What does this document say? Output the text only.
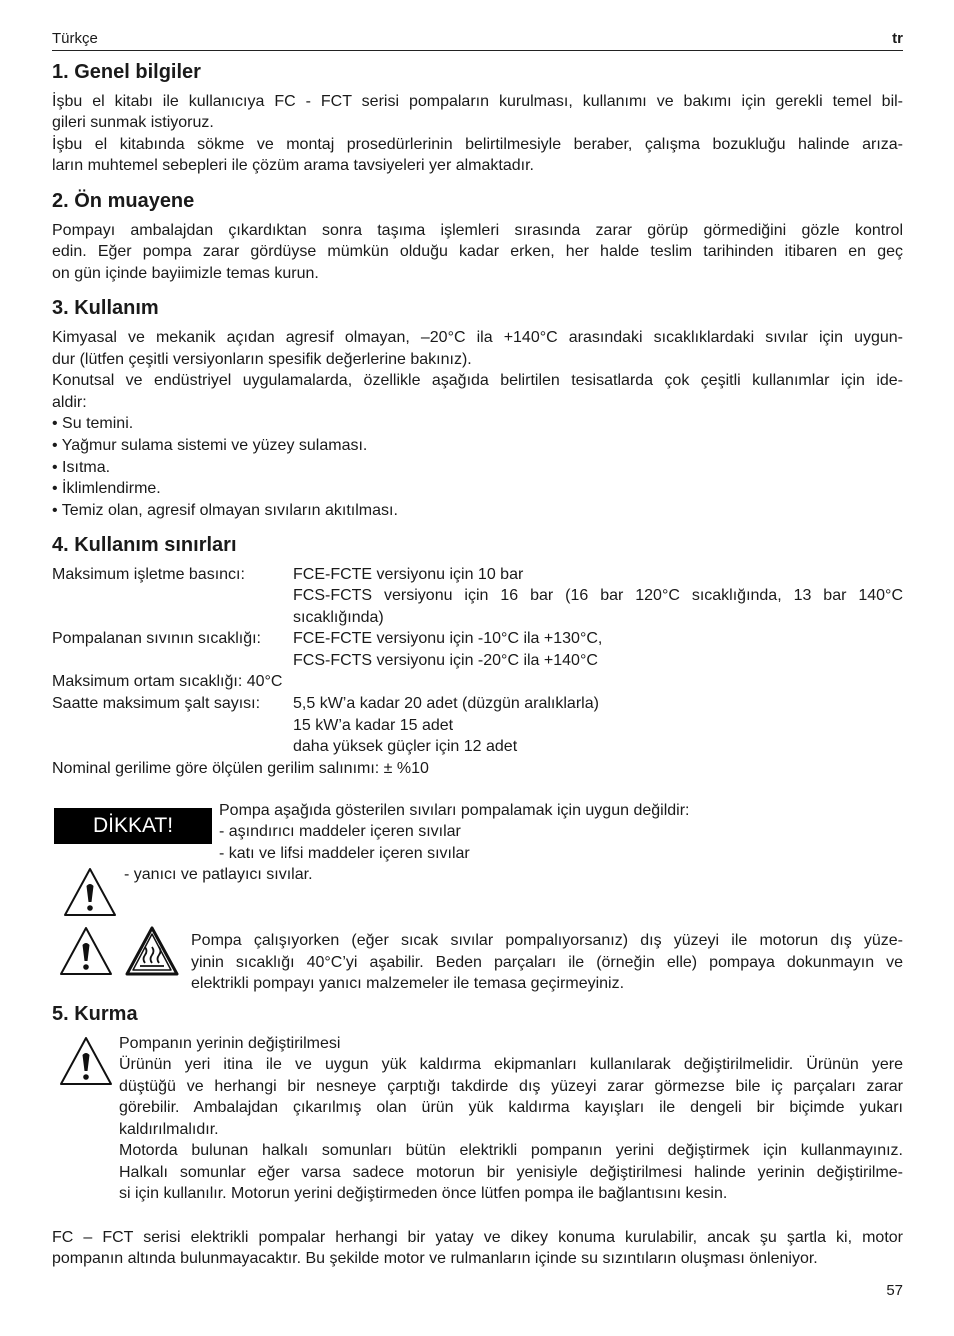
Türkçe	tr
1. Genel bilgiler
İşbu el kitabı ile kullanıcıya FC - FCT serisi pompaların kurulması, kullanımı ve bakımı için gerekli temel bil-
gileri sunmak istiyoruz.
İşbu el kitabında sökme ve montaj prosedürlerinin belirtilmesiyle beraber, çalışma bozukluğu halinde arıza-
ların muhtemel sebepleri ile çözüm arama tavsiyeleri yer almaktadır.
2. Ön muayene
Pompayı ambalajdan çıkardıktan sonra taşıma işlemleri sırasında zarar görüp görmediğini gözle kontrol
edin. Eğer pompa zarar gördüyse mümkün olduğu kadar erken, her halde teslim tarihinden itibaren en geç
on gün içinde bayiimizle temas kurun.
3. Kullanım
Kimyasal ve mekanik açıdan agresif olmayan, –20°C ila +140°C arasındaki sıcaklıklardaki sıvılar için uygun-
dur (lütfen çeşitli versiyonların spesifik değerlerine bakınız).
Konutsal ve endüstriyel uygulamalarda, özellikle aşağıda belirtilen tesisatlarda çok çeşitli kullanımlar için ide-
aldir:
• Su temini.
• Yağmur sulama sistemi ve yüzey sulaması.
• Isıtma.
• İklimlendirme.
• Temiz olan, agresif olmayan sıvıların akıtılması.
4. Kullanım sınırları
Maksimum işletme basıncı:	FCE-FCTE versiyonu için 10 bar
FCS-FCTS versiyonu için 16 bar (16 bar 120°C sıcaklığında, 13 bar 140°C
sıcaklığında)
Pompalanan sıvının sıcaklığı: FCE-FCTE versiyonu için -10°C ila +130°C,
FCS-FCTS versiyonu için -20°C ila +140°C
Maksimum ortam sıcaklığı: 40°C
Saatte maksimum şalt sayısı: 5,5 kW’a kadar 20 adet (düzgün aralıklarla)
15 kW’a kadar 15 adet
daha yüksek güçler için 12 adet
Nominal gerilime göre ölçülen gerilim salınımı: ± %10
DİKKAT!
Pompa aşağıda gösterilen sıvıları pompalamak için uygun değildir:
- aşındırıcı maddeler içeren sıvılar
- katı ve lifsi maddeler içeren sıvılar
- yanıcı ve patlayıcı sıvılar.
Pompa çalışıyorken (eğer sıcak sıvılar pompalıyorsanız) dış yüzeyi ile motorun dış yüze-
yinin sıcaklığı 40°C’yi aşabilir. Beden parçaları ile (örneğin elle) pompaya dokunmayın ve
elektrikli pompayı yanıcı malzemeler ile temasa geçirmeyiniz.
5. Kurma
Pompanın yerinin değiştirilmesi
Ürünün yeri itina ile ve uygun yük kaldırma ekipmanları kullanılarak değiştirilmelidir. Ürünün yere
düştüğü ve herhangi bir nesneye çarptığı takdirde dış yüzeyi zarar görmezse bile iç parçaları zarar
görebilir. Ambalajdan çıkarılmış olan ürün yük kaldırma kayışları ile dengeli bir biçimde yukarı
kaldırılmalıdır.
Motorda bulunan halkalı somunları bütün elektrikli pompanın yerini değiştirmek için kullanmayınız.
Halkalı somunlar eğer varsa sadece motorun bir yenisiyle değiştirilmesi halinde yerinin değiştirilme-
si için kullanılır. Motorun yerini değiştirmeden önce lütfen pompa ile bağlantısını kesin.
FC – FCT serisi elektrikli pompalar herhangi bir yatay ve dikey konuma kurulabilir, ancak şu şartla ki, motor
pompanın altında bulunmayacaktır. Bu şekilde motor ve rulmanların içinde su sızıntıların oluşması önleniyor.
57
